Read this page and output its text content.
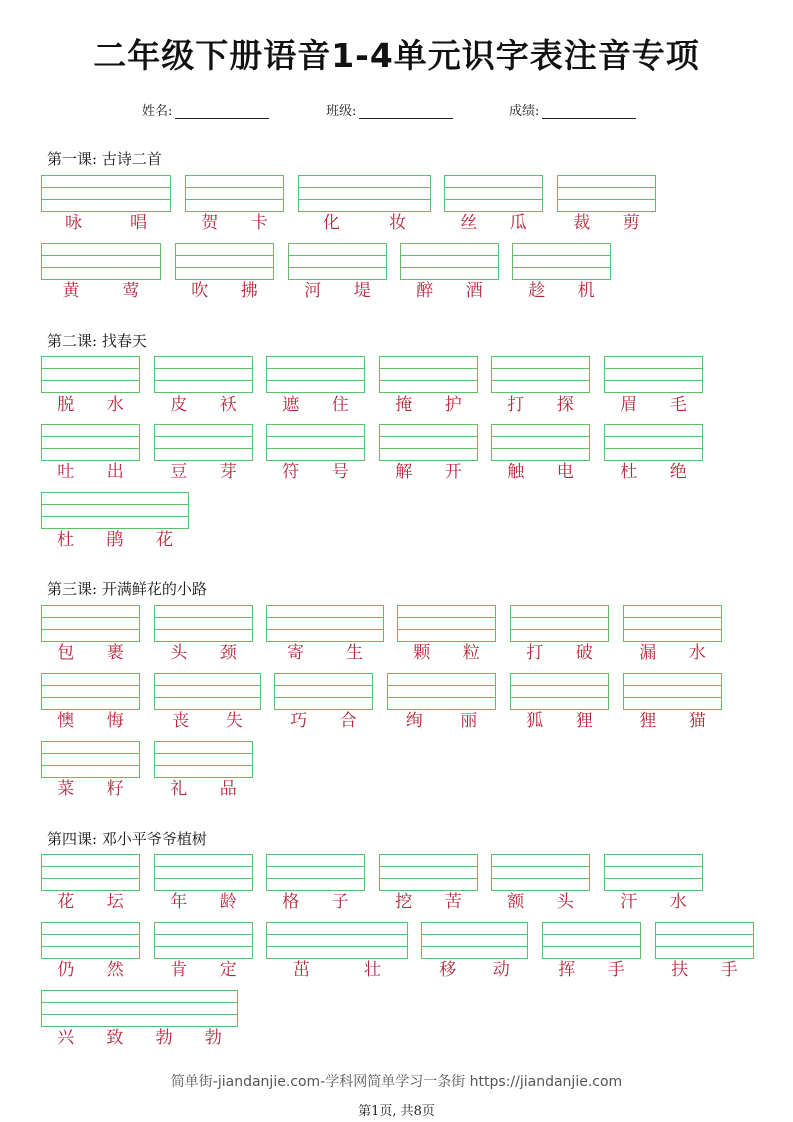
二年级下册语音1-4单元识字表注音专项
姓名:	班级:	成绩:
第一课: 古诗二首
咏	唱	贺 卡	化	妆	丝 瓜	裁 剪
黄	莺	吹 拂	河 堤	醉 酒	趁 机
第二课: 找春天
脱 水	皮 袄	遮 住	掩 护	打 探	眉 毛
吐 出	豆 芽	符 号	解 开	触 电	杜 绝
杜 鹃 花
第三课: 开满鲜花的小路
包 裹	头 颈	寄 生	颗 粒	打 破	漏 水
懊 悔	丧 失	巧 合	绚 丽	狐 狸	狸 猫
菜 籽	礼 品
第四课: 邓小平爷爷植树
花 坛	年 龄	格 子	挖 苦	额 头	汗 水
仍 然	肯 定	茁	壮	移 动	挥 手	扶 手
兴 致 勃 勃
简单街-jiandanjie.com-学科网简单学习一条街 https://jiandanjie.com
第1页, 共8页
